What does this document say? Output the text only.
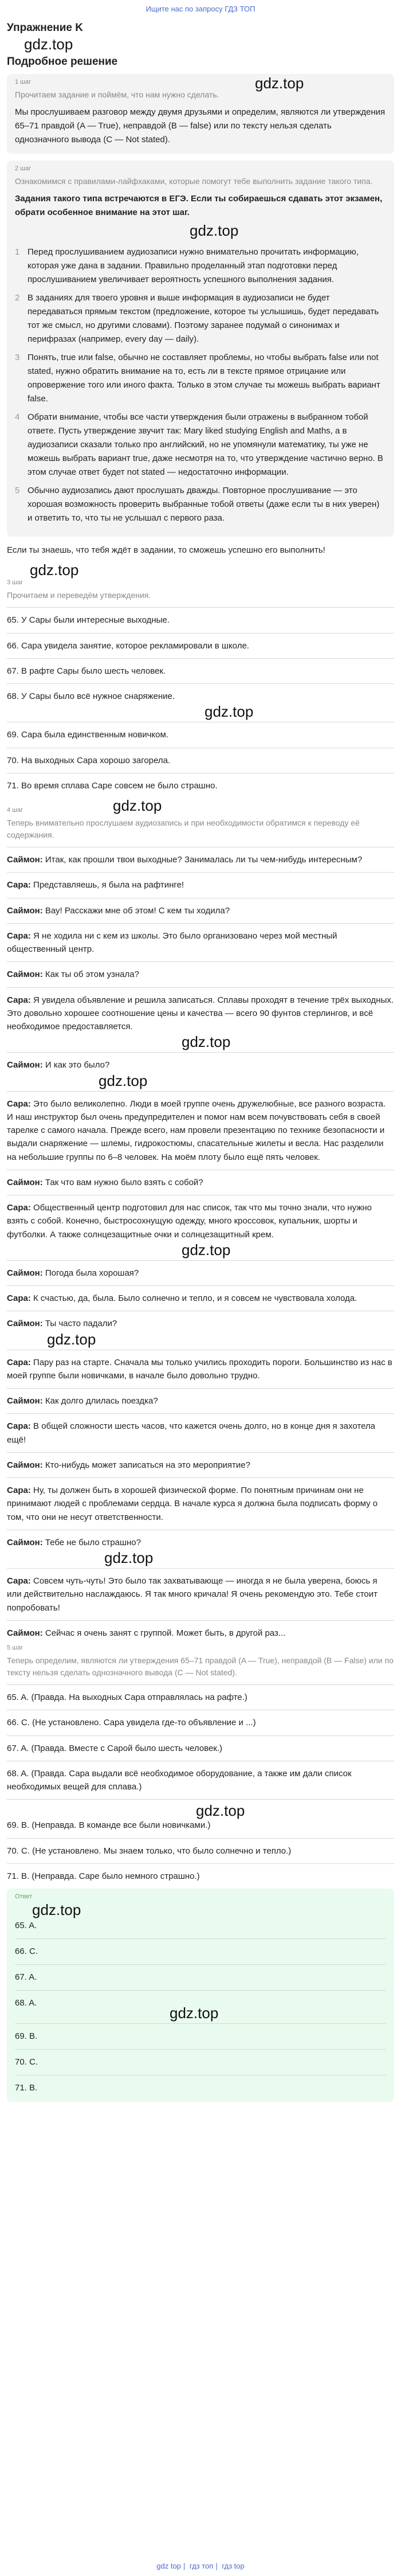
Ищите нас по запросу ГДЗ ТОП
Упражнение K
gdz.top
Подробное решение
1 шаг	gdz.top

Прочитаем задание и поймём, что нам нужно сделать.

Мы прослушиваем разговор между двумя друзьями и определим, являются ли утверждения 65–71 правдой (A — True), неправдой (B — false) или по тексту нельзя сделать однозначного вывода (C — Not stated).

2 шаг

Ознакомимся с правилами-лайфхаками, которые помогут тебе выполнить задание такого типа.

Задания такого типа встречаются в ЕГЭ. Если ты собираешься сдавать этот экзамен, обрати особенное внимание на этот шаг.

gdz.top
1 Перед прослушиванием аудиозаписи нужно внимательно прочитать информацию, которая уже дана в задании. Правильно проделанный этап подготовки перед прослушиванием увеличивает вероятность успешного выполнения задания.
2 В заданиях для твоего уровня и выше информация в аудиозаписи не будет передаваться прямым текстом (предложение, которое ты услышишь, будет передавать тот же смысл, но другими словами). Поэтому заранее подумай о синонимах и перифразах (например, every day — daily).
3 Понять, true или false, обычно не составляет проблемы, но чтобы выбрать false или not stated, нужно обратить внимание на то, есть ли в тексте прямое отрицание или опровержение того или иного факта. Только в этом случае ты можешь выбрать вариант false.
4 Обрати внимание, чтобы все части утверждения были отражены в выбранном тобой ответе. Пусть утверждение звучит так: Mary liked studying English and Maths, а в аудиозаписи сказали только про английский, но не упомянули математику, ты уже не можешь выбрать вариант true, даже несмотря на то, что утверждение частично верно. В этом случае ответ будет not stated — недостаточно информации.
5 Обычно аудиозапись дают прослушать дважды. Повторное прослушивание — это хорошая возможность проверить выбранные тобой ответы (даже если ты в них уверен) и ответить то, что ты не услышал с первого раза.

Если ты знаешь, что тебя ждёт в задании, то сможешь успешно его выполнить!

gdz.top
3 шаг

Прочитаем и переведём утверждения.

65. У Сары были интересные выходные.
66. Сара увидела занятие, которое рекламировали в школе.
67. В рафте Сары было шесть человек.
68. У Сары было всё нужное снаряжение.
gdz.top
69. Сара была единственным новичком.
70. На выходных Сара хорошо загорела.
71. Во время сплава Саре совсем не было страшно.
gdz.top
4 шаг

Теперь внимательно прослушаем аудиозапись и при необходимости обратимся к переводу её содержания.

Саймон: Итак, как прошли твои выходные? Занималась ли ты чем-нибудь интересным?
Сара: Представляешь, я была на рафтинге!
Саймон: Вау! Расскажи мне об этом! С кем ты ходила?
Сара: Я не ходила ни с кем из школы. Это было организовано через мой местный общественный центр.
Саймон: Как ты об этом узнала?
Сара: Я увидела объявление и решила записаться. Сплавы проходят в течение трёх выходных. Это довольно хорошее соотношение цены и качества — всего 90 фунтов стерлингов, и всё необходимое предоставляется.
gdz.top
Саймон: И как это было?
gdz.top
Сара: Это было великолепно. Люди в моей группе очень дружелюбные, все разного возраста. И наш инструктор был очень предупредителен и помог нам всем почувствовать себя в своей тарелке с самого начала. Прежде всего, нам провели презентацию по технике безопасности и выдали снаряжение — шлемы, гидрокостюмы, спасательные жилеты и весла. Нас разделили на небольшие группы по 6–8 человек. На моём плоту было ещё пять человек.
Саймон: Так что вам нужно было взять с собой?
Сара: Общественный центр подготовил для нас список, так что мы точно знали, что нужно взять с собой. Конечно, быстросохнущую одежду, много кроссовок, купальник, шорты и футболки. А также солнцезащитные очки и солнцезащитный крем.
gdz.top
Саймон: Погода была хорошая?
Сара: К счастью, да, была. Было солнечно и тепло, и я совсем не чувствовала холода.
Саймон: Ты часто падали?
gdz.top
Сара: Пару раз на старте. Сначала мы только учились проходить пороги. Большинство из нас в моей группе были новичками, в начале было довольно трудно.
Саймон: Как долго длилась поездка?
Сара: В общей сложности шесть часов, что кажется очень долго, но в конце дня я захотела ещё!
Саймон: Кто-нибудь может записаться на это мероприятие?
Сара: Ну, ты должен быть в хорошей физической форме. По понятным причинам они не принимают людей с проблемами сердца. В начале курса я должна была подписать форму о том, что они не несут ответственности.
Саймон: Тебе не было страшно?
gdz.top
Сара: Совсем чуть-чуть! Это было так захватывающе — иногда я не была уверена, боюсь я или действительно наслаждаюсь. Я так много кричала! Я очень рекомендую это. Тебе стоит попробовать!
Саймон: Сейчас я очень занят с группой. Может быть, в другой раз...
5 шаг

Теперь определим, являются ли утверждения 65–71 правдой (A — True), неправдой (B — False) или по тексту нельзя сделать однозначного вывода (C — Not stated).

65. A. (Правда. На выходных Сара отправлялась на рафте.)
66. C. (Не установлено. Сара увидела где-то объявление и ...)
67. A. (Правда. Вместе с Сарой было шесть человек.)
68. A. (Правда. Сара выдали всё необходимое оборудование, а также им дали список необходимых вещей для сплава.)
gdz.top
69. B. (Неправда. В команде все были новичками.)
70. C. (Не установлено. Мы знаем только, что было солнечно и тепло.)
71. B. (Неправда. Саре было немного страшно.)
Ответ
gdz.top
65. A.
66. C.
67. A.
68. A.
gdz.top
69. B.
70. C.
71. B.
gdz top | гдз топ | гдз top
